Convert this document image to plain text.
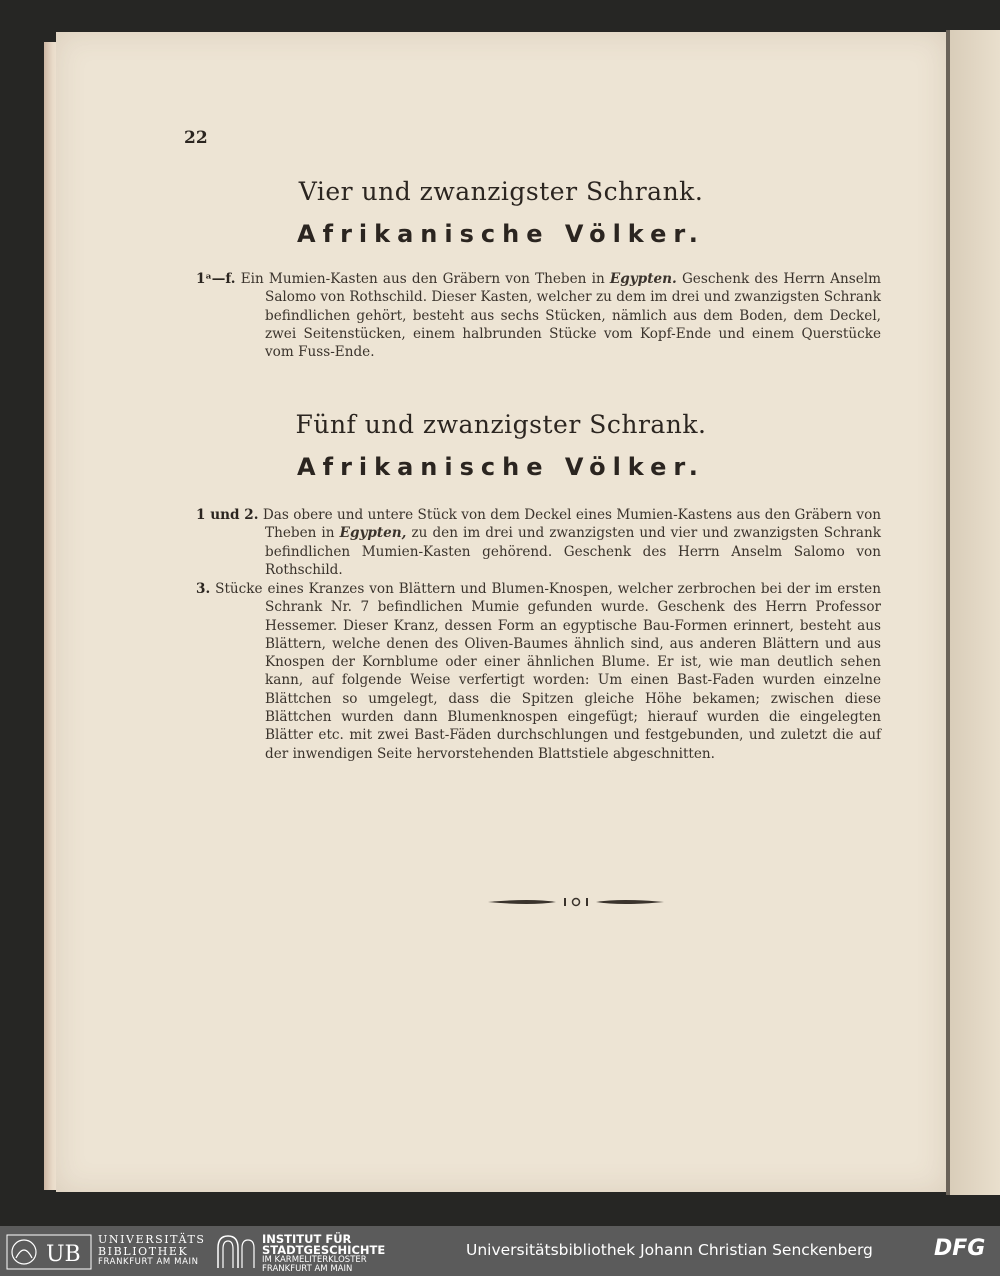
22
Vier und zwanzigster Schrank.
Afrikanische Völker.
1ᵃ—f. Ein Mumien-Kasten aus den Gräbern von Theben in Egypten. Geschenk des Herrn Anselm Salomo von Rothschild. Dieser Kasten, welcher zu dem im drei und zwanzigsten Schrank befindlichen gehört, besteht aus sechs Stücken, nämlich aus dem Boden, dem Deckel, zwei Seitenstücken, einem halbrunden Stücke vom Kopf-Ende und einem Querstücke vom Fuss-Ende.
Fünf und zwanzigster Schrank.
Afrikanische Völker.
1 und 2. Das obere und untere Stück von dem Deckel eines Mumien-Kastens aus den Gräbern von Theben in Egypten, zu den im drei und zwanzigsten und vier und zwanzigsten Schrank befindlichen Mumien-Kasten gehörend. Geschenk des Herrn Anselm Salomo von Rothschild.
3. Stücke eines Kranzes von Blättern und Blumen-Knospen, welcher zerbrochen bei der im ersten Schrank Nr. 7 befindlichen Mumie gefunden wurde. Geschenk des Herrn Professor Hessemer. Dieser Kranz, dessen Form an egyptische Bau-Formen erinnert, besteht aus Blättern, welche denen des Oliven-Baumes ähnlich sind, aus anderen Blättern und aus Knospen der Kornblume oder einer ähnlichen Blume. Er ist, wie man deutlich sehen kann, auf folgende Weise verfertigt worden: Um einen Bast-Faden wurden einzelne Blättchen so umgelegt, dass die Spitzen gleiche Höhe bekamen; zwischen diese Blättchen wurden dann Blumenknospen eingefügt; hierauf wurden die eingelegten Blätter etc. mit zwei Bast-Fäden durchschlungen und festgebunden, und zuletzt die auf der inwendigen Seite hervorstehenden Blattstiele abgeschnitten.
UB
UNIVERSITÄTS
BIBLIOTHEK
FRANKFURT AM MAIN
INSTITUT FÜR
STADTGESCHICHTE
IM KARMELITERKLOSTER
FRANKFURT AM MAIN
Universitätsbibliothek Johann Christian Senckenberg	DFG
